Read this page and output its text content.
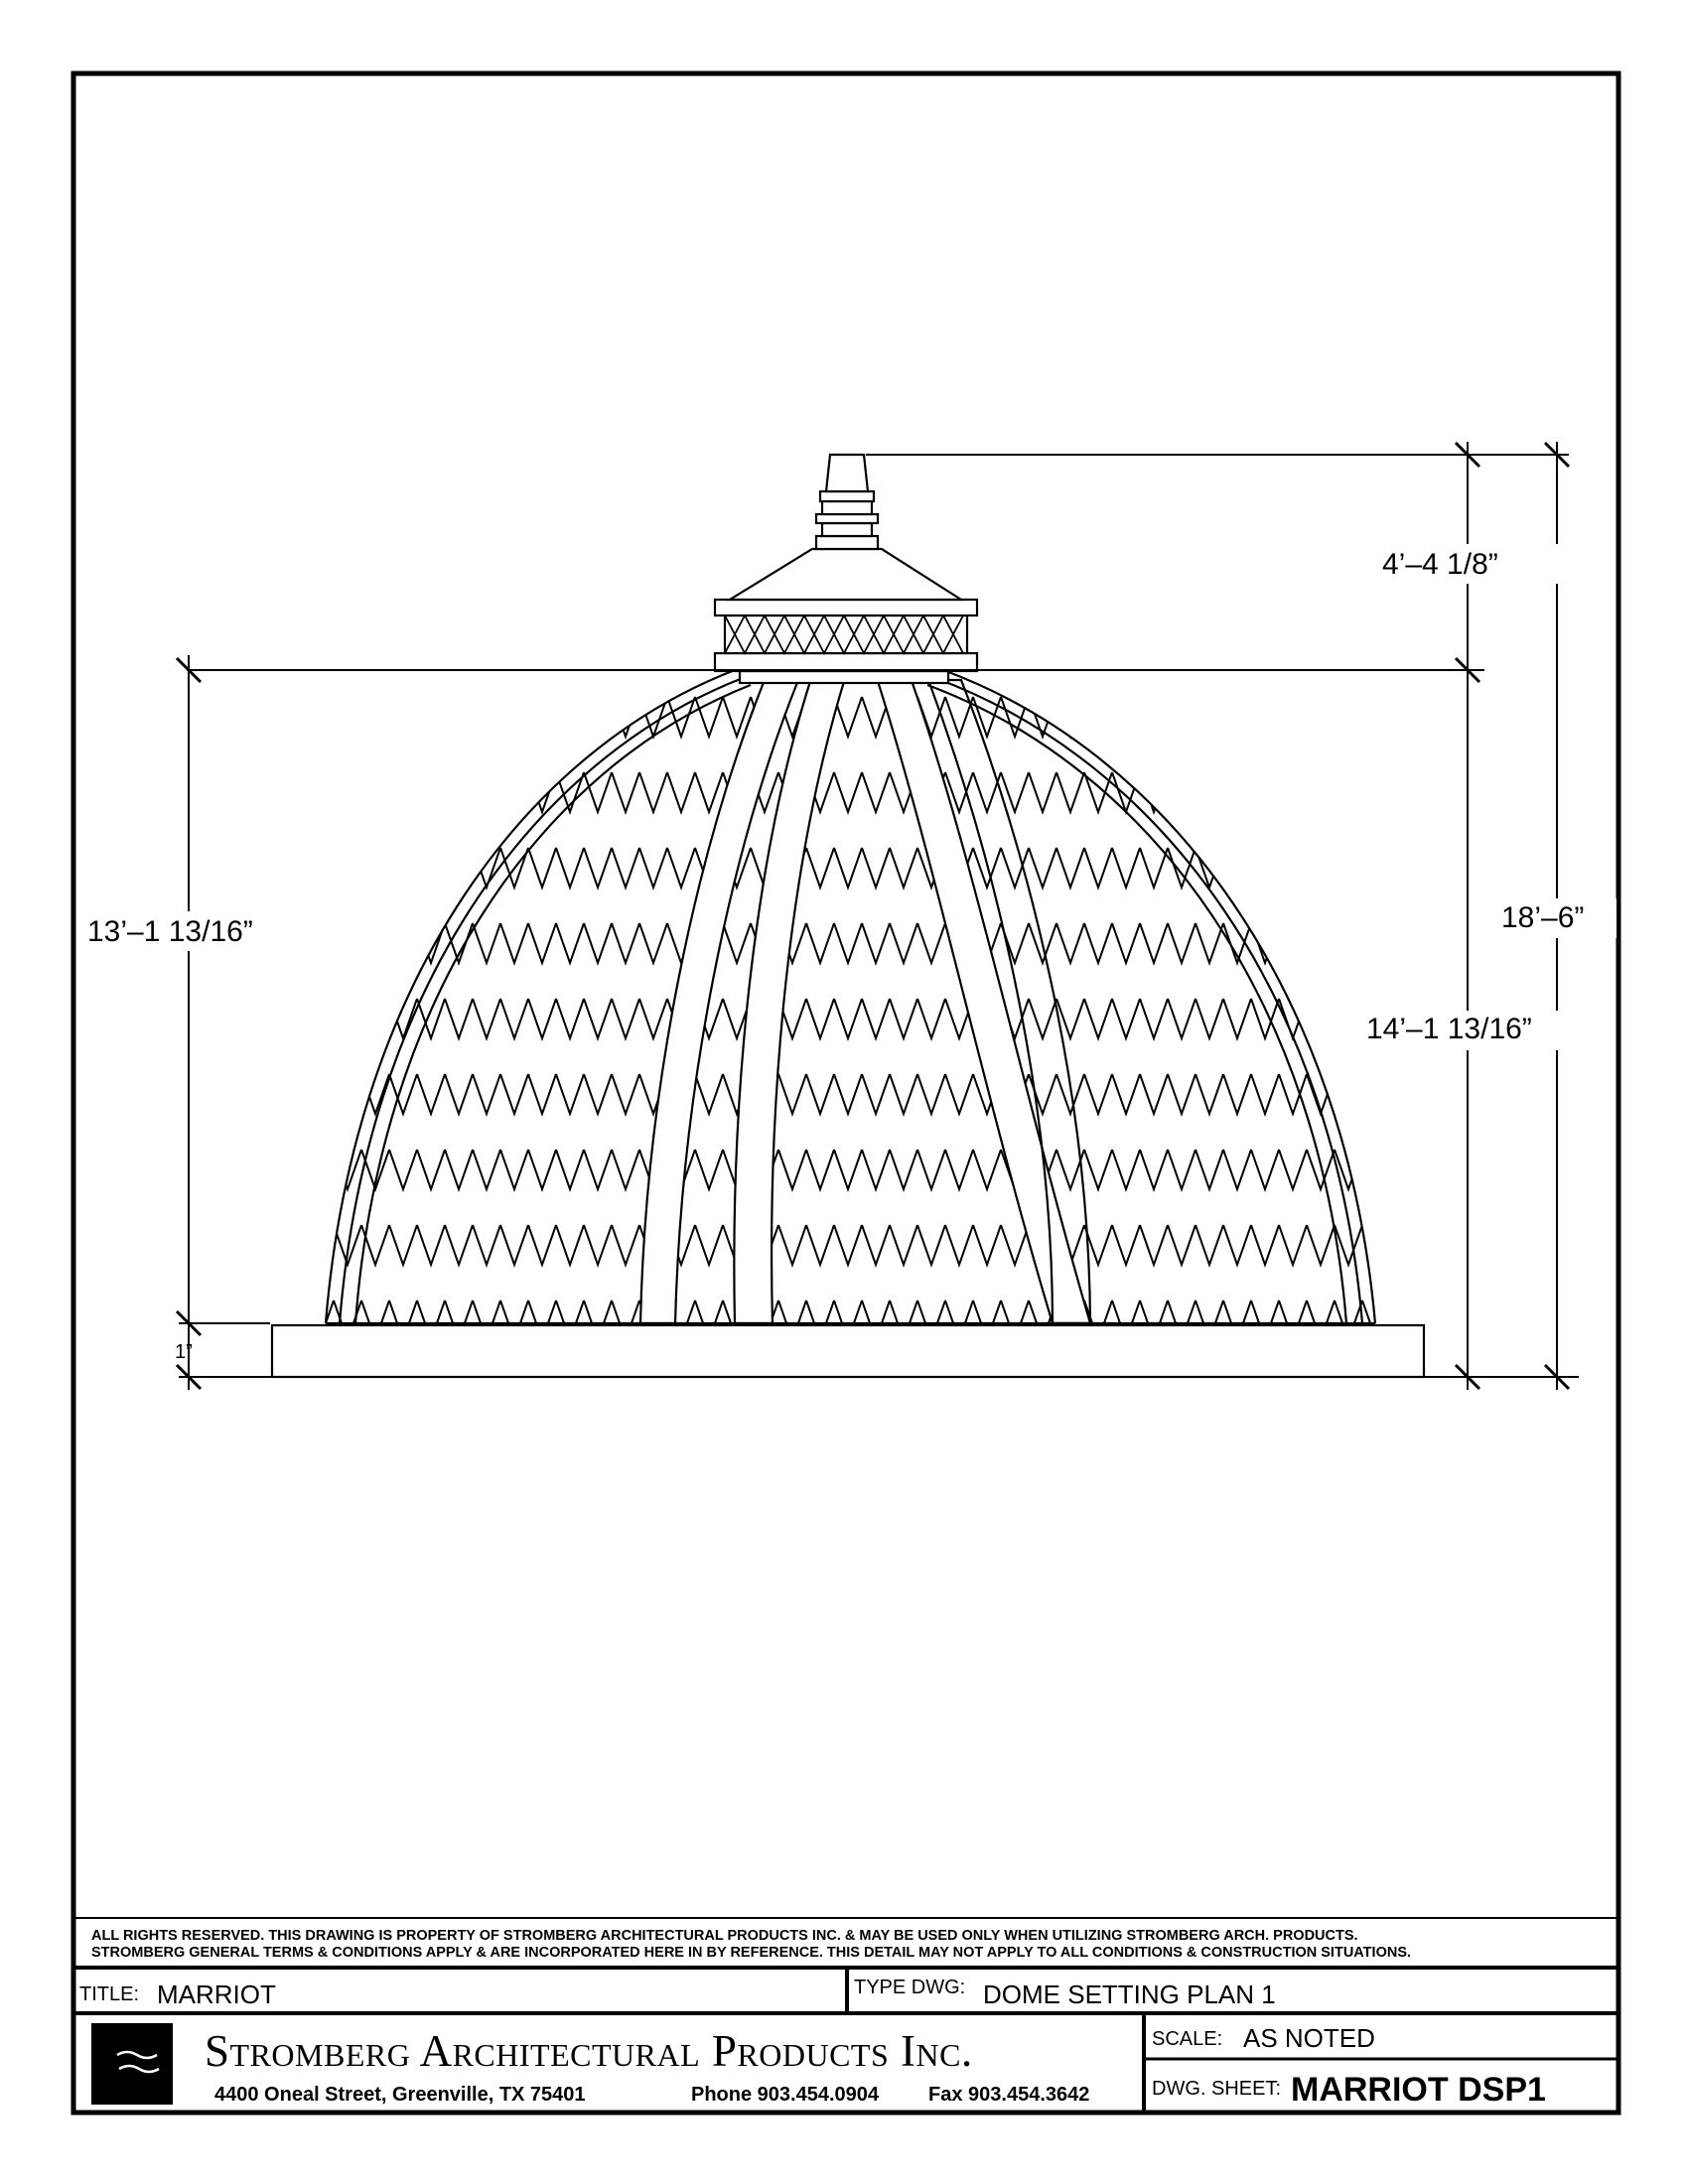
4’–4 1/8”
18’–6”
14’–1 13/16”
13’–1 13/16”
1”
ALL RIGHTS RESERVED. THIS DRAWING IS PROPERTY OF STROMBERG ARCHITECTURAL PRODUCTS INC. & MAY BE USED ONLY WHEN UTILIZING STROMBERG ARCH. PRODUCTS.
STROMBERG GENERAL TERMS & CONDITIONS APPLY & ARE INCORPORATED HERE IN BY REFERENCE. THIS DETAIL MAY NOT APPLY TO ALL CONDITIONS & CONSTRUCTION SITUATIONS.
TITLE: MARRIOT	TYPE DWG: DOME SETTING PLAN 1
Stromberg Architectural Products Inc.
4400 Oneal Street, Greenville, TX 75401	Phone 903.454.0904 Fax 903.454.3642
SCALE: AS NOTED
DWG. SHEET: MARRIOT DSP1
